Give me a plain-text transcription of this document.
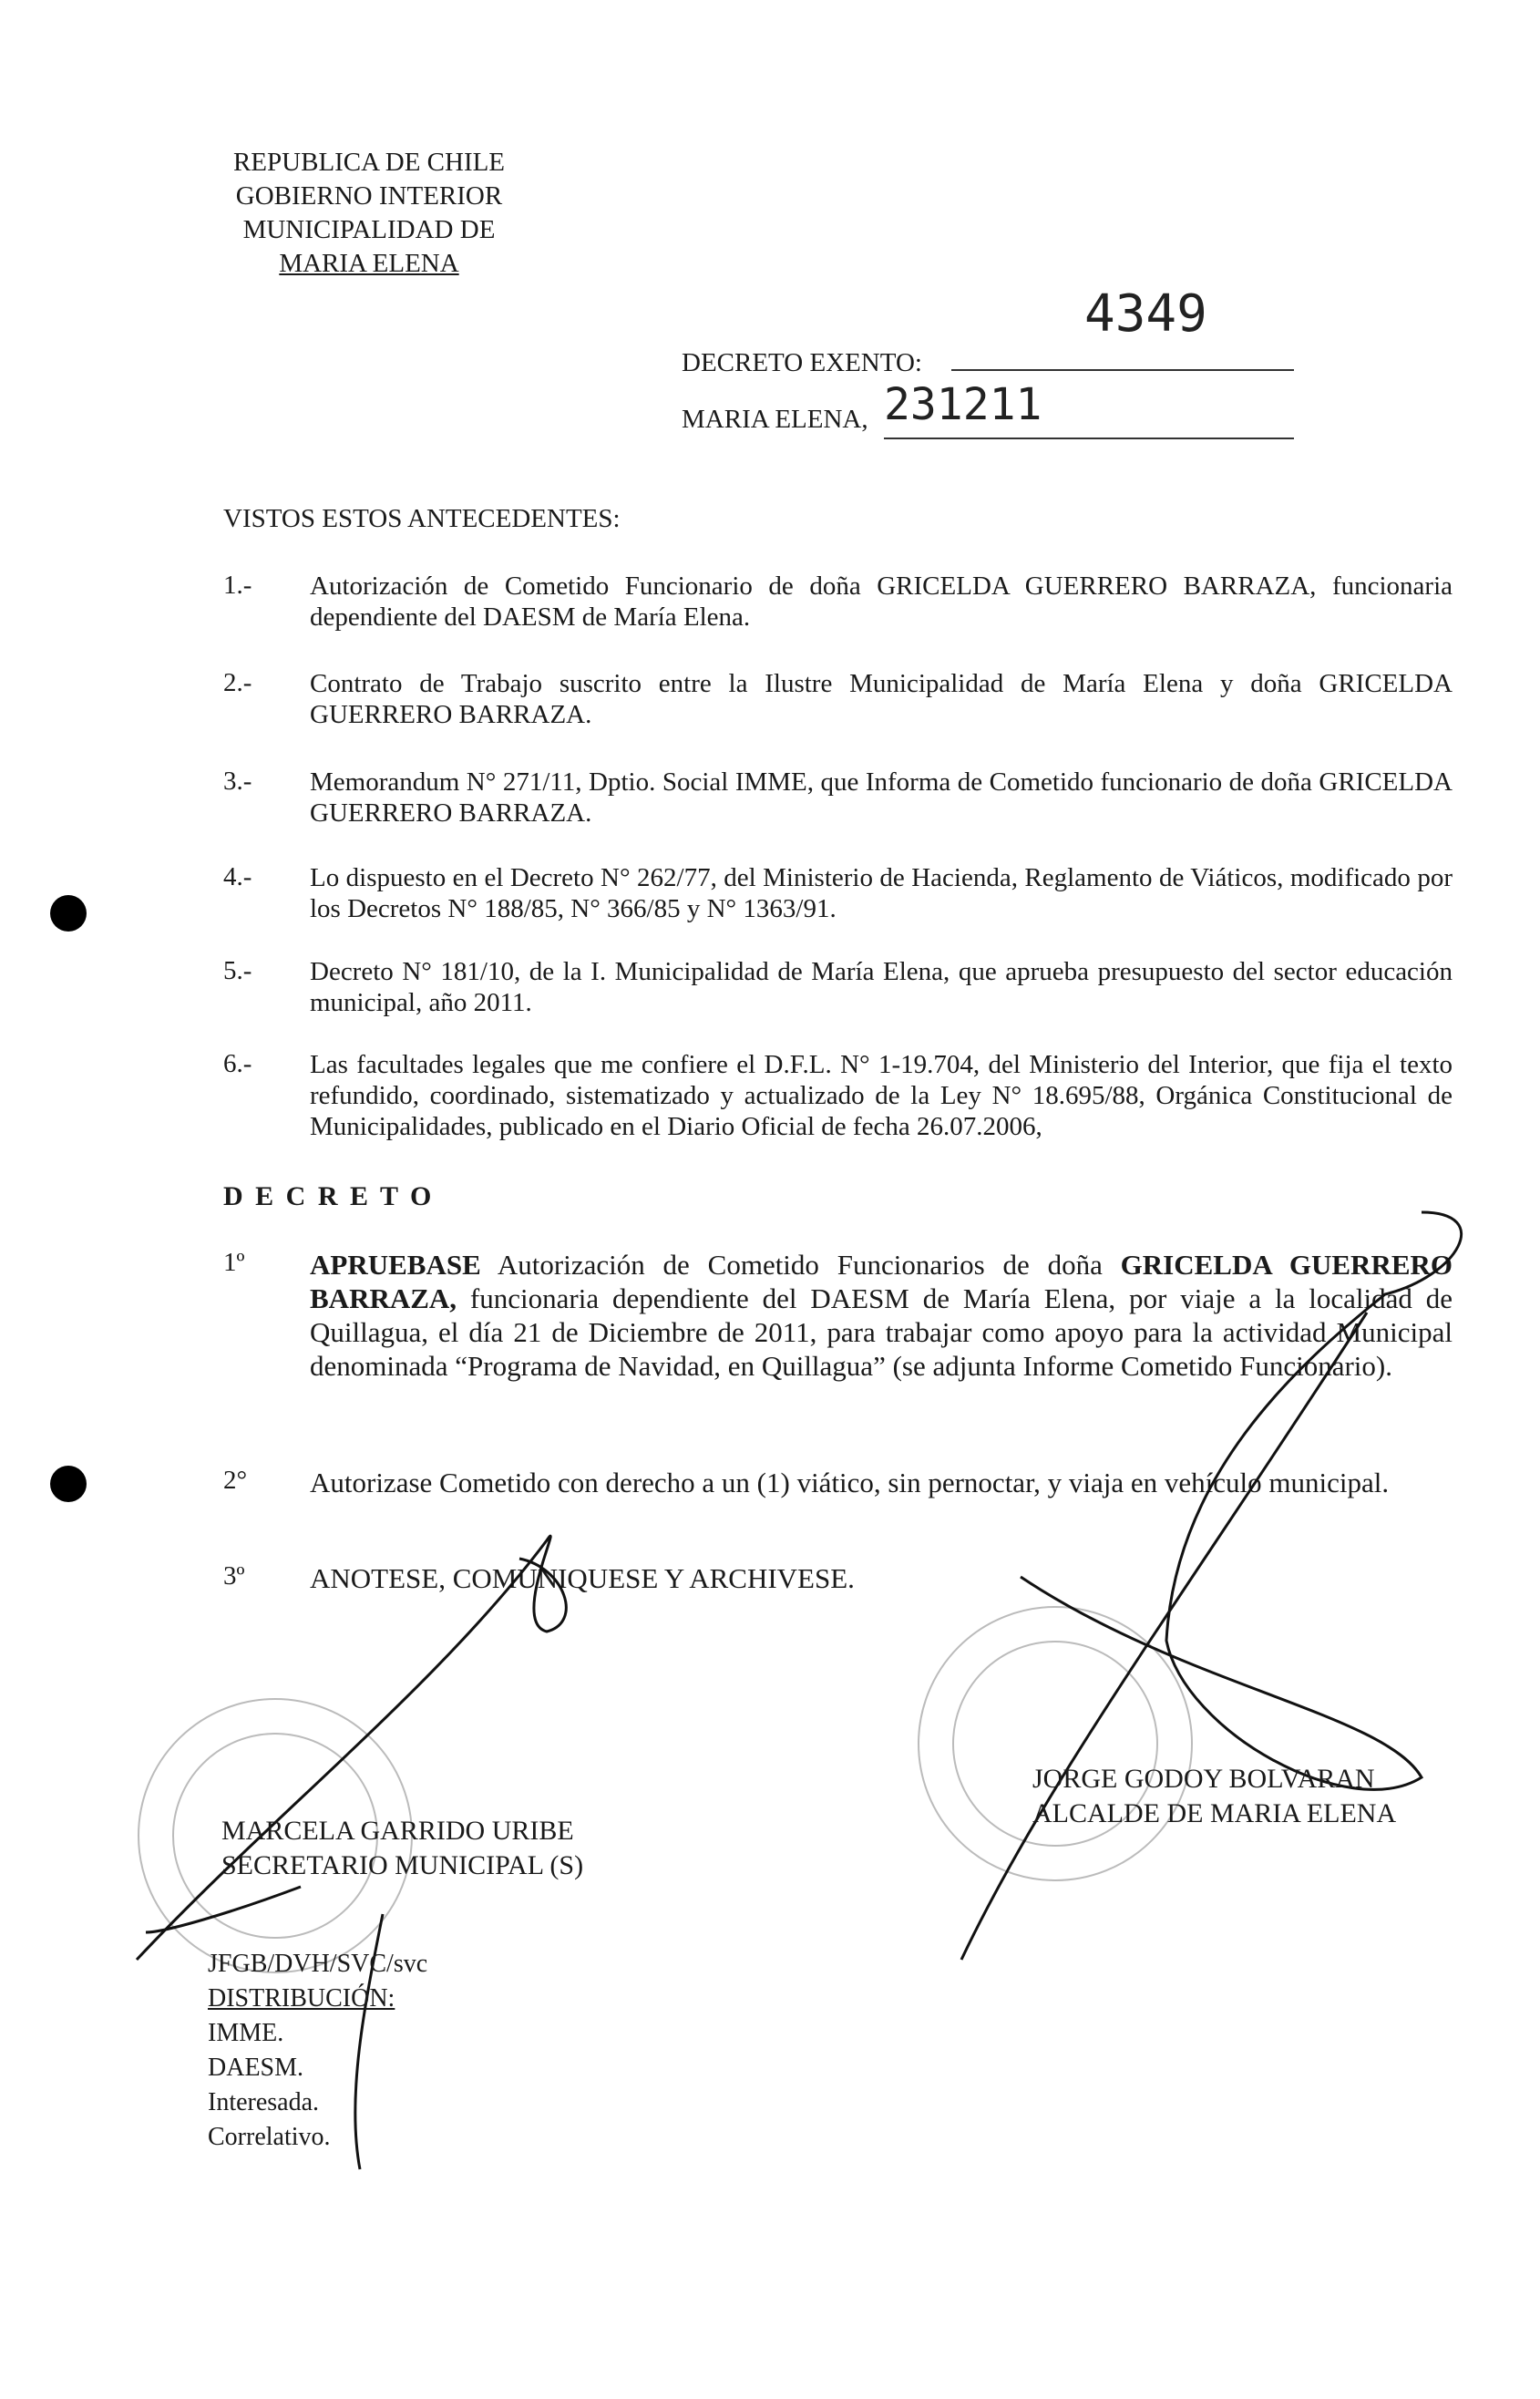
REPUBLICA DE CHILE
GOBIERNO INTERIOR
MUNICIPALIDAD DE
MARIA ELENA
4349
DECRETO EXENTO:
MARIA ELENA, 231211
VISTOS ESTOS ANTECEDENTES:
1.- Autorización de Cometido Funcionario de doña GRICELDA GUERRERO BARRAZA, funcionaria dependiente del DAESM de María Elena.
2.- Contrato de Trabajo suscrito entre la Ilustre Municipalidad de María Elena y doña GRICELDA GUERRERO BARRAZA.
3.- Memorandum N° 271/11, Dptio. Social IMME, que Informa de Cometido funcionario de doña GRICELDA GUERRERO BARRAZA.
4.- Lo dispuesto en el Decreto N° 262/77, del Ministerio de Hacienda, Reglamento de Viáticos, modificado por los Decretos N° 188/85, N° 366/85 y N° 1363/91.
5.- Decreto N° 181/10, de la I. Municipalidad de María Elena, que aprueba presupuesto del sector educación municipal, año 2011.
6.- Las facultades legales que me confiere el D.F.L. N° 1-19.704, del Ministerio del Interior, que fija el texto refundido, coordinado, sistematizado y actualizado de la Ley N° 18.695/88, Orgánica Constitucional de Municipalidades, publicado en el Diario Oficial de fecha 26.07.2006,
D E C R E T O
1º APRUEBASE Autorización de Cometido Funcionarios de doña GRICELDA GUERRERO BARRAZA, funcionaria dependiente del DAESM de María Elena, por viaje a la localidad de Quillagua, el día 21 de Diciembre de 2011, para trabajar como apoyo para la actividad Municipal denominada “Programa de Navidad, en Quillagua” (se adjunta Informe Cometido Funcionario).
2° Autorizase Cometido con derecho a un (1) viático, sin pernoctar, y viaja en vehículo municipal.
3º ANOTESE, COMUNIQUESE Y ARCHIVESE.
MARCELA GARRIDO URIBE
SECRETARIO MUNICIPAL (S)
JORGE GODOY BOLVARAN
ALCALDE DE MARIA ELENA
JFGB/DVH/SVC/svc
DISTRIBUCIÓN:
IMME.
DAESM.
Interesada.
Correlativo.
